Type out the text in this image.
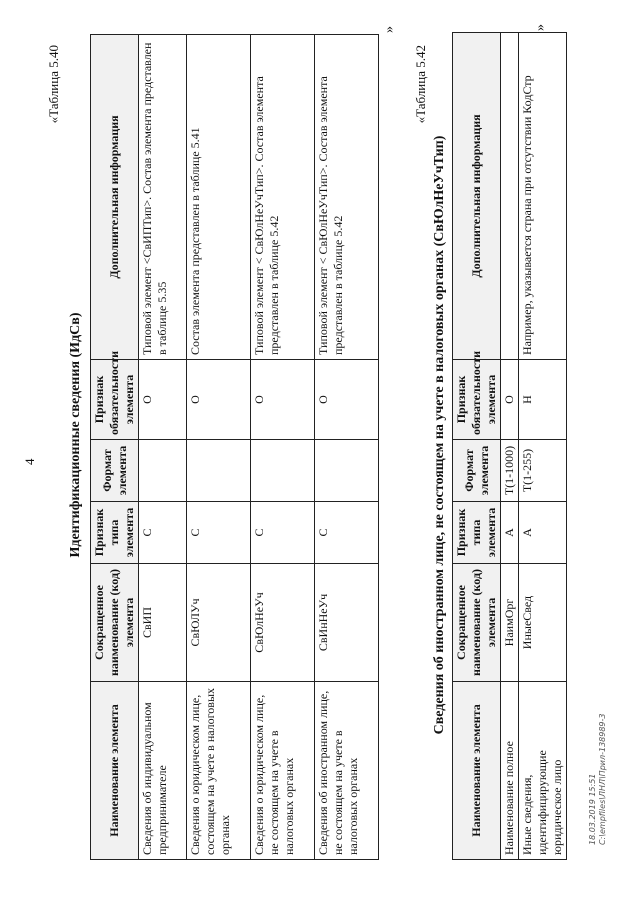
4
«Таблица 5.40
Идентификационные сведения (ИдСв)
Наименование элемента	Сокращенное наименование (код) элемента	Признак типа элемента	Формат элемента	Признак обязательности элемента	Дополнительная информация
Сведения об индивидуальном предпринимателе	СвИП	С		О	Типовой элемент <СвИПТип>. Состав элемента представлен в таблице 5.35
Сведения о юридическом лице, состоящем на учете в налоговых органах	СвЮЛУч	С		О	Состав элемента представлен в таблице 5.41
Сведения о юридическом лице, не состоящем на учете в налоговых органах	СвЮлНеУч	С		О	Типовой элемент < СвЮлНеУчТип>. Состав элемента представлен в таблице 5.42
Сведения об иностранном лице, не состоящем на учете в налоговых органах	СвИнНеУч	С		О	Типовой элемент < СвЮлНеУчТип>. Состав элемента представлен в таблице 5.42
»
«Таблица 5.42
Сведения об иностранном лице, не состоящем на учете в налоговых органах (СвЮлНеУчТип)
Наименование элемента	Сокращенное наименование (код) элемента	Признак типа элемента	Формат элемента	Признак обязательности элемента	Дополнительная информация
Наименование полное	НаимОрг	А	T(1-1000)	О	
Иные сведения, идентифицирующие юридическое лицо	ИныеСвед	А	T(1-255)	Н	Например, указывается страна при отсутствии КодСтр
»
18.03.2019 15:51 С:\empfiles\ЛНЛ\Прил-138989-3
